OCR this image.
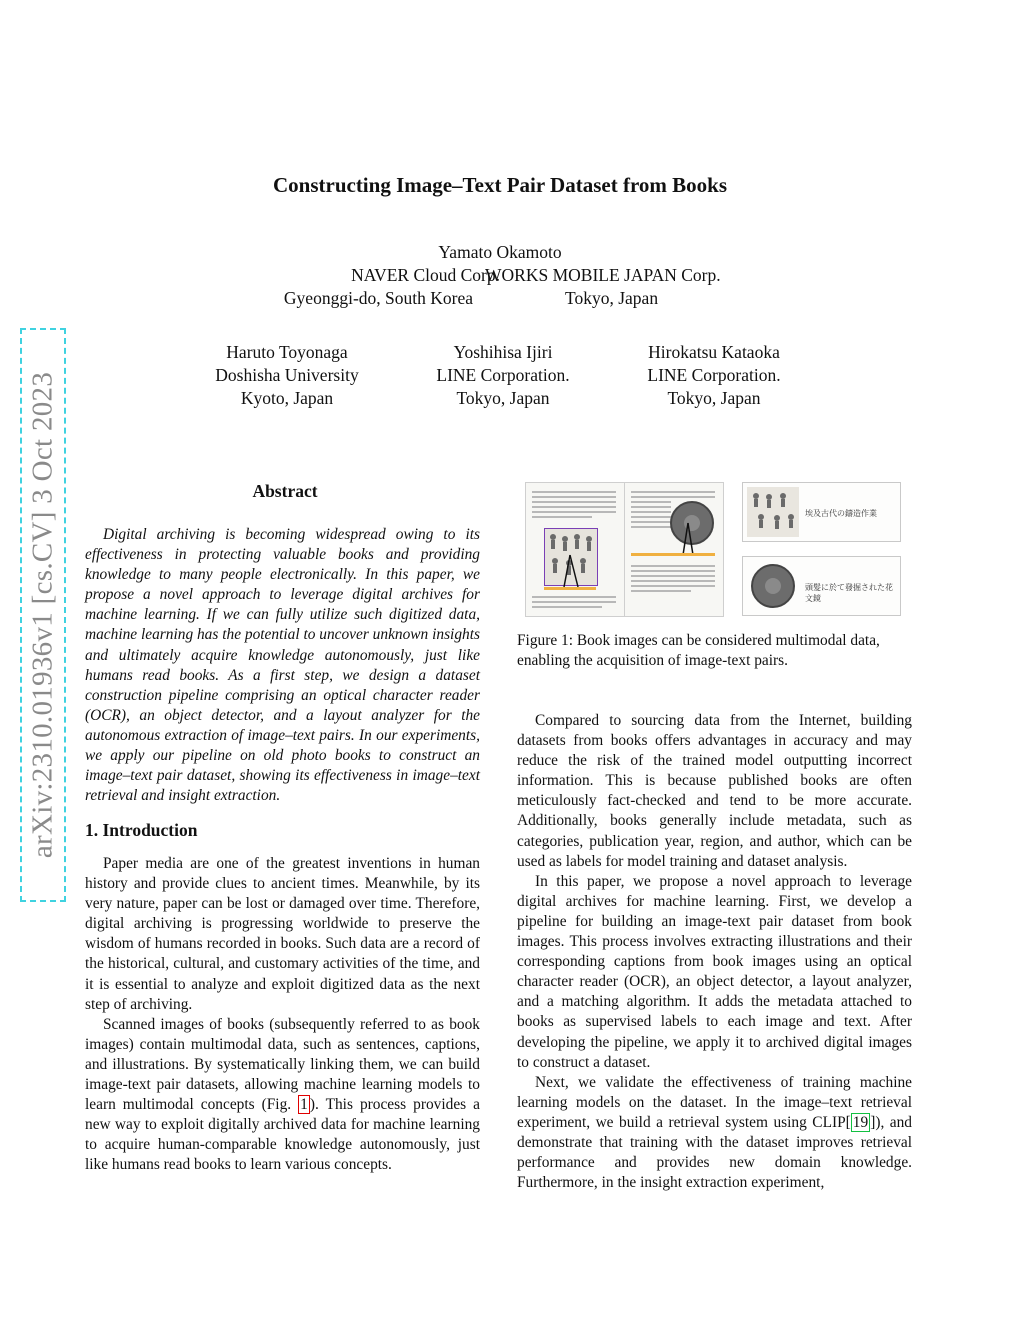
Constructing Image–Text Pair Dataset from Books
Yamato Okamoto
NAVER Cloud Corp.
WORKS MOBILE JAPAN Corp.
Gyeonggi-do, South Korea	Tokyo, Japan
Haruto Toyonaga
Doshisha University
Kyoto, Japan
Yoshihisa Ijiri
LINE Corporation.
Tokyo, Japan
Hirokatsu Kataoka
LINE Corporation.
Tokyo, Japan
arXiv:2310.01936v1 [cs.CV] 3 Oct 2023	Abstract

Digital archiving is becoming widespread owing to its effectiveness in protecting valuable books and providing knowledge to many people electronically. In this paper, we propose a novel approach to leverage digital archives for machine learning. If we can fully utilize such digitized data, machine learning has the potential to uncover unknown insights and ultimately acquire knowledge autonomously, just like humans read books. As a first step, we design a dataset construction pipeline comprising an optical character reader (OCR), an object detector, and a layout analyzer for the autonomous extraction of image–text pairs. In our experiments, we apply our pipeline on old photo books to construct an image–text pair dataset, showing its effectiveness in image–text retrieval and insight extraction.

1. Introduction

Paper media are one of the greatest inventions in human history and provide clues to ancient times. Meanwhile, by its very nature, paper can be lost or damaged over time. Therefore, digital archiving is progressing worldwide to preserve the wisdom of humans recorded in books. Such data are a record of the historical, cultural, and customary activities of the time, and it is essential to analyze and exploit digitized data as the next step of archiving.

Scanned images of books (subsequently referred to as book images) contain multimodal data, such as sentences, captions, and illustrations. By systematically linking them, we can build image-text pair datasets, allowing machine learning models to learn multimodal concepts (Fig. 1 ). This process provides a new way to exploit digitally archived data for machine learning to acquire human-comparable knowledge autonomously, just like humans read books to learn various concepts.

埃及古代の鑄造作業
頭髪に於て發掘された花文鏡
Figure 1: Book images can be considered multimodal data, enabling the acquisition of image-text pairs.

Compared to sourcing data from the Internet, building datasets from books offers advantages in accuracy and may reduce the risk of the trained model outputting incorrect information. This is because published books are often meticulously fact-checked and tend to be more accurate. Additionally, books generally include metadata, such as categories, publication year, region, and author, which can be used as labels for model training and dataset analysis.

In this paper, we propose a novel approach to leverage digital archives for machine learning. First, we develop a pipeline for building an image-text pair dataset from book images. This process involves extracting illustrations and their corresponding captions from book images using an optical character reader (OCR), an object detector, a layout analyzer, and a matching algorithm. It adds the metadata attached to books as supervised labels to each image and text. After developing the pipeline, we apply it to archived digital images to construct a dataset.

Next, we validate the effectiveness of training machine learning models on the dataset. In the image–text retrieval experiment, we build a retrieval system using CLIP[ 19 ]), and demonstrate that training with the dataset improves retrieval performance and provides new domain knowledge. Furthermore, in the insight extraction experiment,
